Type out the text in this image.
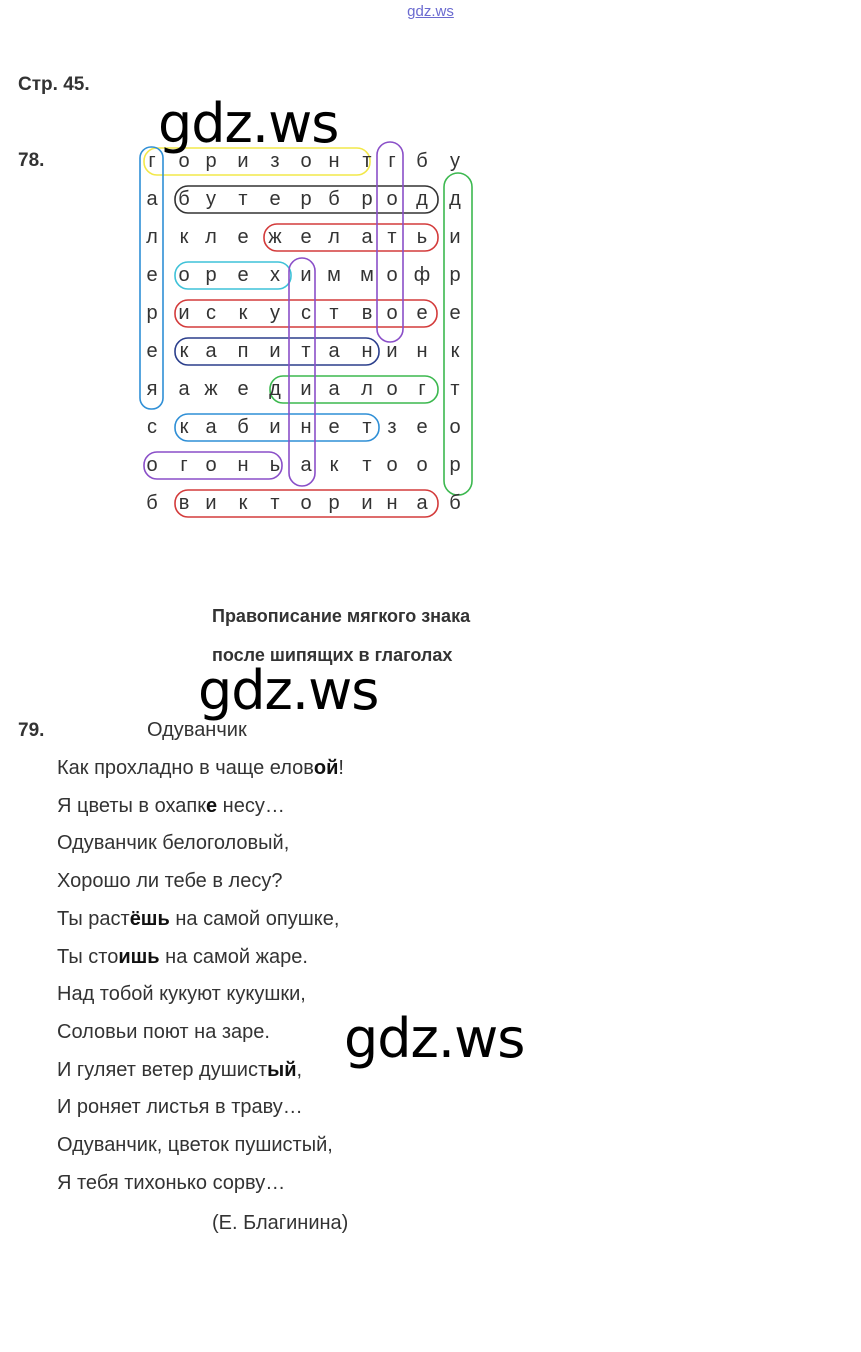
gdz.ws
Стр. 45.
78.	г	о р	и	з	о н	т г	б	у
а	б у	т	е р б	р о д	д
л	к л	е ж е л	а т	ь	и
е	о р	е	х	и м м о ф р
р	и с	к	у	с т	в о е	е
е	к а	п	и	т а	н и н	к
я	а ж е	д и а	л о	г	т
с	к а	б	и н е	т з е	о
о	г о	н	ь	а к	т о о	р
б	в и	к	т	о р	и н а	б
gdz.ws
gdz.ws
gdz.ws
Правописание мягкого знака
после шипящих в глаголах
79.	Одуванчик
Как прохладно в чаще еловой!
Я цветы в охапке несу…
Одуванчик белоголовый,
Хорошо ли тебе в лесу?
Ты растёшь на самой опушке,
Ты стоишь на самой жаре.
Над тобой кукуют кукушки,
Соловьи поют на заре.
И гуляет ветер душистый,
И роняет листья в траву…
Одуванчик, цветок пушистый,
Я тебя тихонько сорву…
(Е. Благинина)
